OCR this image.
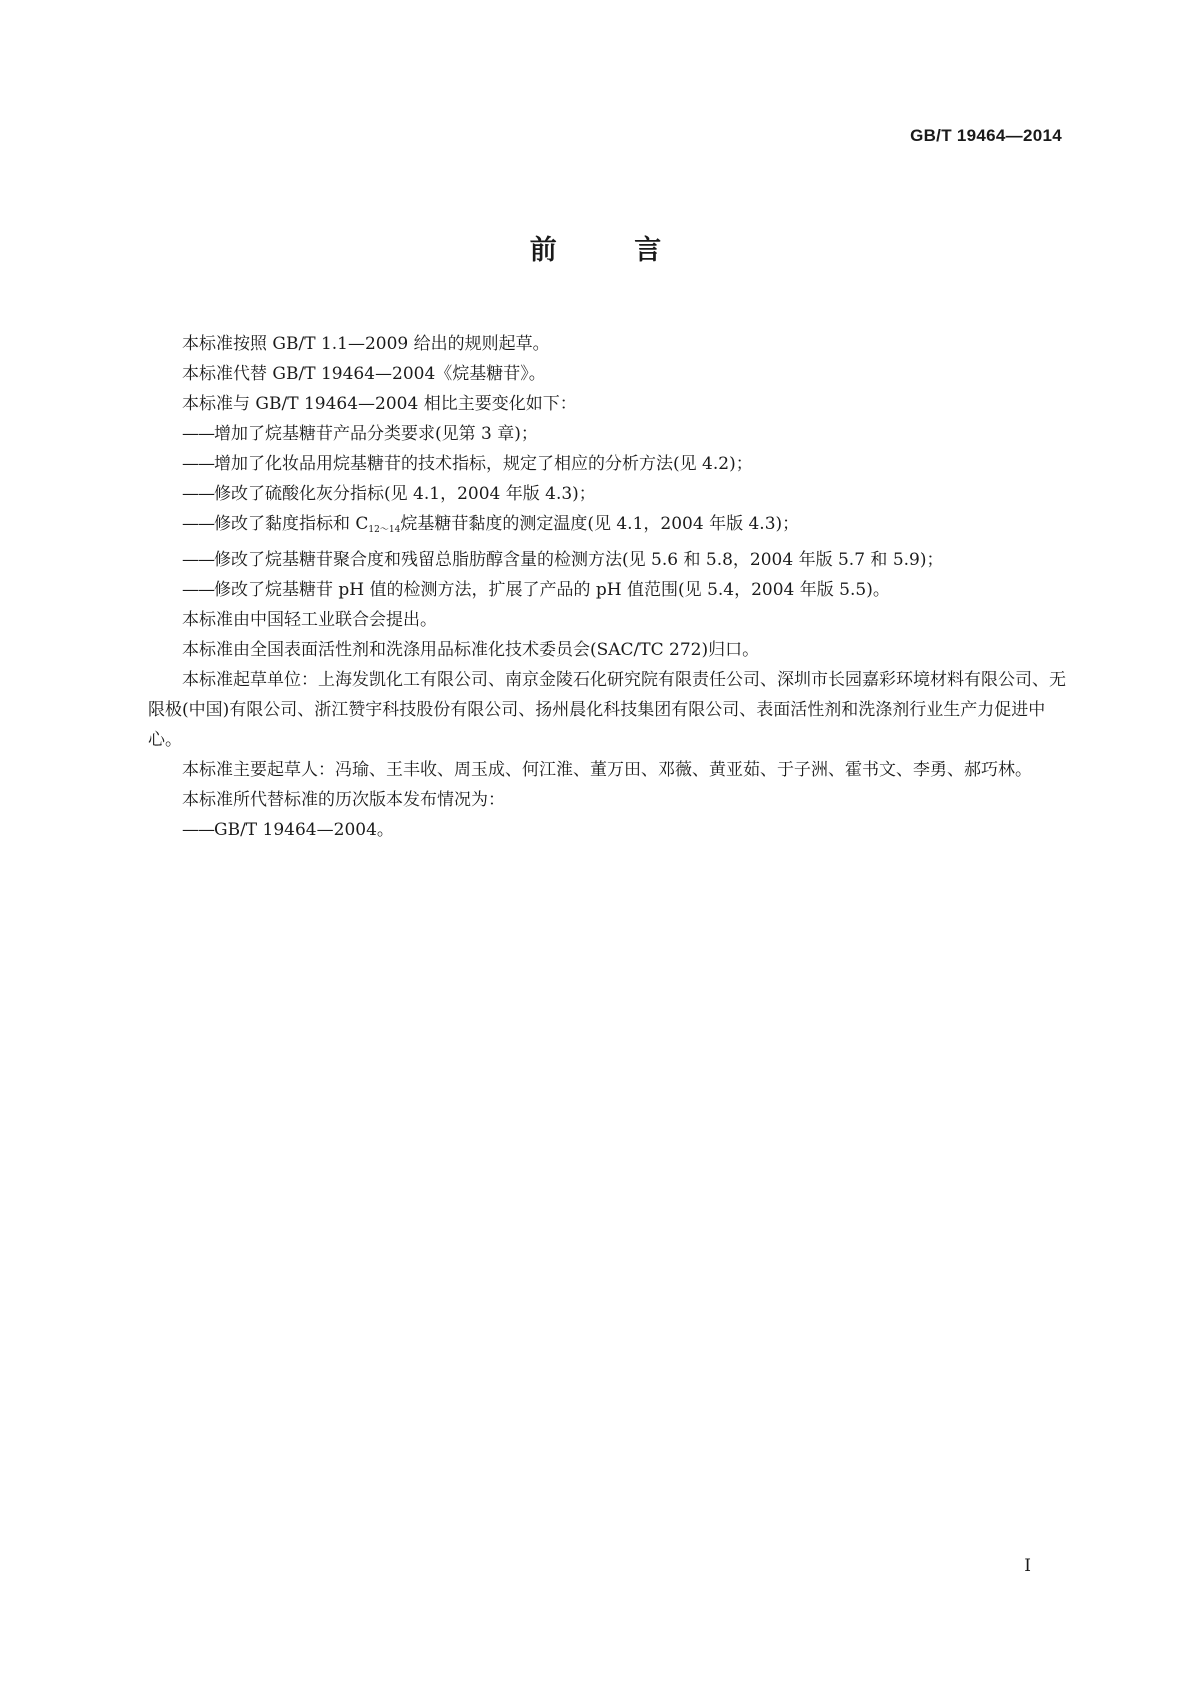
GB/T 19464—2014
前 言

本标准按照 GB/T 1.1—2009 给出的规则起草。

本标准代替 GB/T 19464—2004《烷基糖苷》。

本标准与 GB/T 19464—2004 相比主要变化如下：

——增加了烷基糖苷产品分类要求(见第 3 章)；

——增加了化妆品用烷基糖苷的技术指标，规定了相应的分析方法(见 4.2)；

——修改了硫酸化灰分指标(见 4.1，2004 年版 4.3)；

——修改了黏度指标和 $C_{12\sim 14}$烷基糖苷黏度的测定温度(见 4.1，2004 年版 4.3)；

——修改了烷基糖苷聚合度和残留总脂肪醇含量的检测方法(见 5.6 和 5.8，2004 年版 5.7 和 5.9)；

——修改了烷基糖苷 pH 值的检测方法，扩展了产品的 pH 值范围(见 5.4，2004 年版 5.5)。

本标准由中国轻工业联合会提出。

本标准由全国表面活性剂和洗涤用品标准化技术委员会(SAC/TC 272)归口。

本标准起草单位：上海发凯化工有限公司、南京金陵石化研究院有限责任公司、深圳市长园嘉彩环境材料有限公司、无限极(中国)有限公司、浙江赞宇科技股份有限公司、扬州晨化科技集团有限公司、表面活性剂和洗涤剂行业生产力促进中心。

本标准主要起草人：冯瑜、王丰收、周玉成、何江淮、董万田、邓薇、黄亚茹、于子洲、霍书文、李勇、郝巧林。

本标准所代替标准的历次版本发布情况为：

——GB/T 19464—2004。

I
